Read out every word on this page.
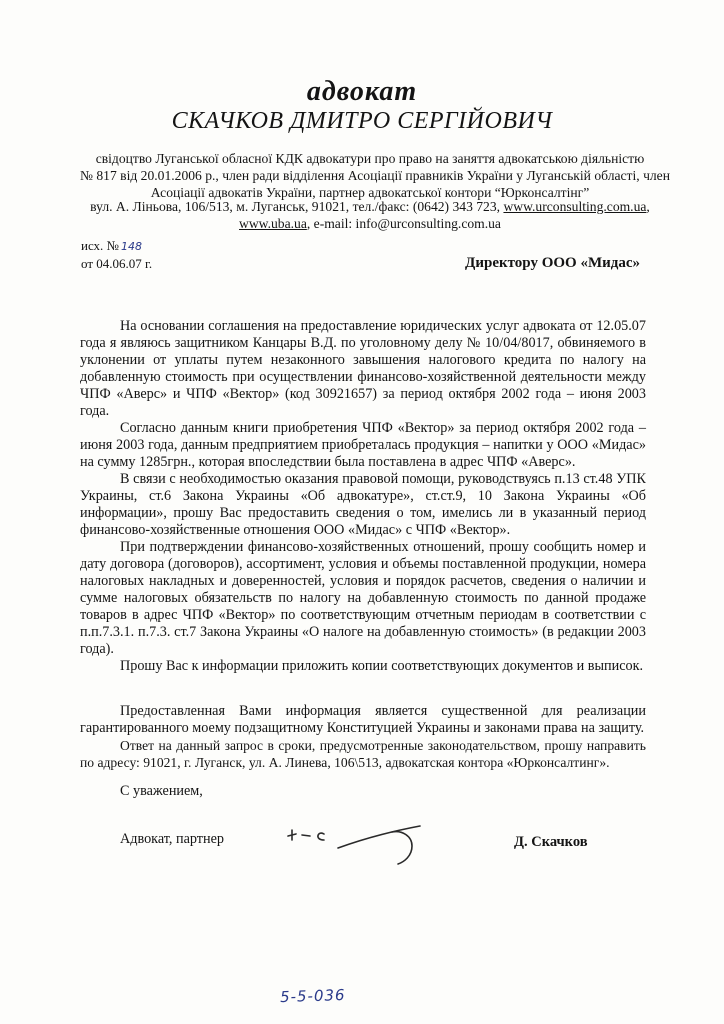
адвокат
СКАЧКОВ ДМИТРО СЕРГІЙОВИЧ
свідоцтво Луганської обласної КДК адвокатури про право на заняття адвокатською діяльністю
№ 817 від 20.01.2006 р., член ради відділення Асоціації правників України у Луганській області, член
Асоціації адвокатів України, партнер адвокатської контори “Юрконсалтінг”
вул. А. Ліньова, 106/513, м. Луганськ, 91021, тел./факс: (0642) 343 723, www.urconsulting.com.ua,
www.uba.ua, e-mail: info@urconsulting.com.ua
исх. № 148
от 04.06.07 г.	Директору ООО «Мидас»

На основании соглашения на предоставление юридических услуг адвоката от 12.05.07 года я являюсь защитником Канцары В.Д. по уголовному делу № 10/04/8017, обвиняемого в уклонении от уплаты путем незаконного завышения налогового кредита по налогу на добавленную стоимость при осуществлении финансово-хозяйственной деятельности между ЧПФ «Аверс» и ЧПФ «Вектор» (код 30921657) за период октября 2002 года – июня 2003 года.

Согласно данным книги приобретения ЧПФ «Вектор» за период октября 2002 года – июня 2003 года, данным предприятием приобреталась продукция – напитки у ООО «Мидас» на сумму 1285грн., которая впоследствии была поставлена в адрес ЧПФ «Аверс».

В связи с необходимостью оказания правовой помощи, руководствуясь п.13 ст.48 УПК Украины, ст.6 Закона Украины «Об адвокатуре», ст.ст.9, 10 Закона Украины «Об информации», прошу Вас предоставить сведения о том, имелись ли в указанный период финансово-хозяйственные отношения ООО «Мидас» с ЧПФ «Вектор».

При подтверждении финансово-хозяйственных отношений, прошу сообщить номер и дату договора (договоров), ассортимент, условия и объемы поставленной продукции, номера налоговых накладных и доверенностей, условия и порядок расчетов, сведения о наличии и сумме налоговых обязательств по налогу на добавленную стоимость по данной продаже товаров в адрес ЧПФ «Вектор» по соответствующим отчетным периодам в соответствии с п.п.7.3.1. п.7.3. ст.7 Закона Украины «О налоге на добавленную стоимость» (в редакции 2003 года).

Прошу Вас к информации приложить копии соответствующих документов и выписок.

Предоставленная Вами информация является существенной для реализации гарантированного моему подзащитному Конституцией Украины и законами права на защиту.

Ответ на данный запрос в сроки, предусмотренные законодательством, прошу направить по адресу: 91021, г. Луганск, ул. А. Линева, 106\513, адвокатская контора «Юрконсалтинг».

С уважением,
Адвокат, партнер	Д. Скачков
5-5-036
